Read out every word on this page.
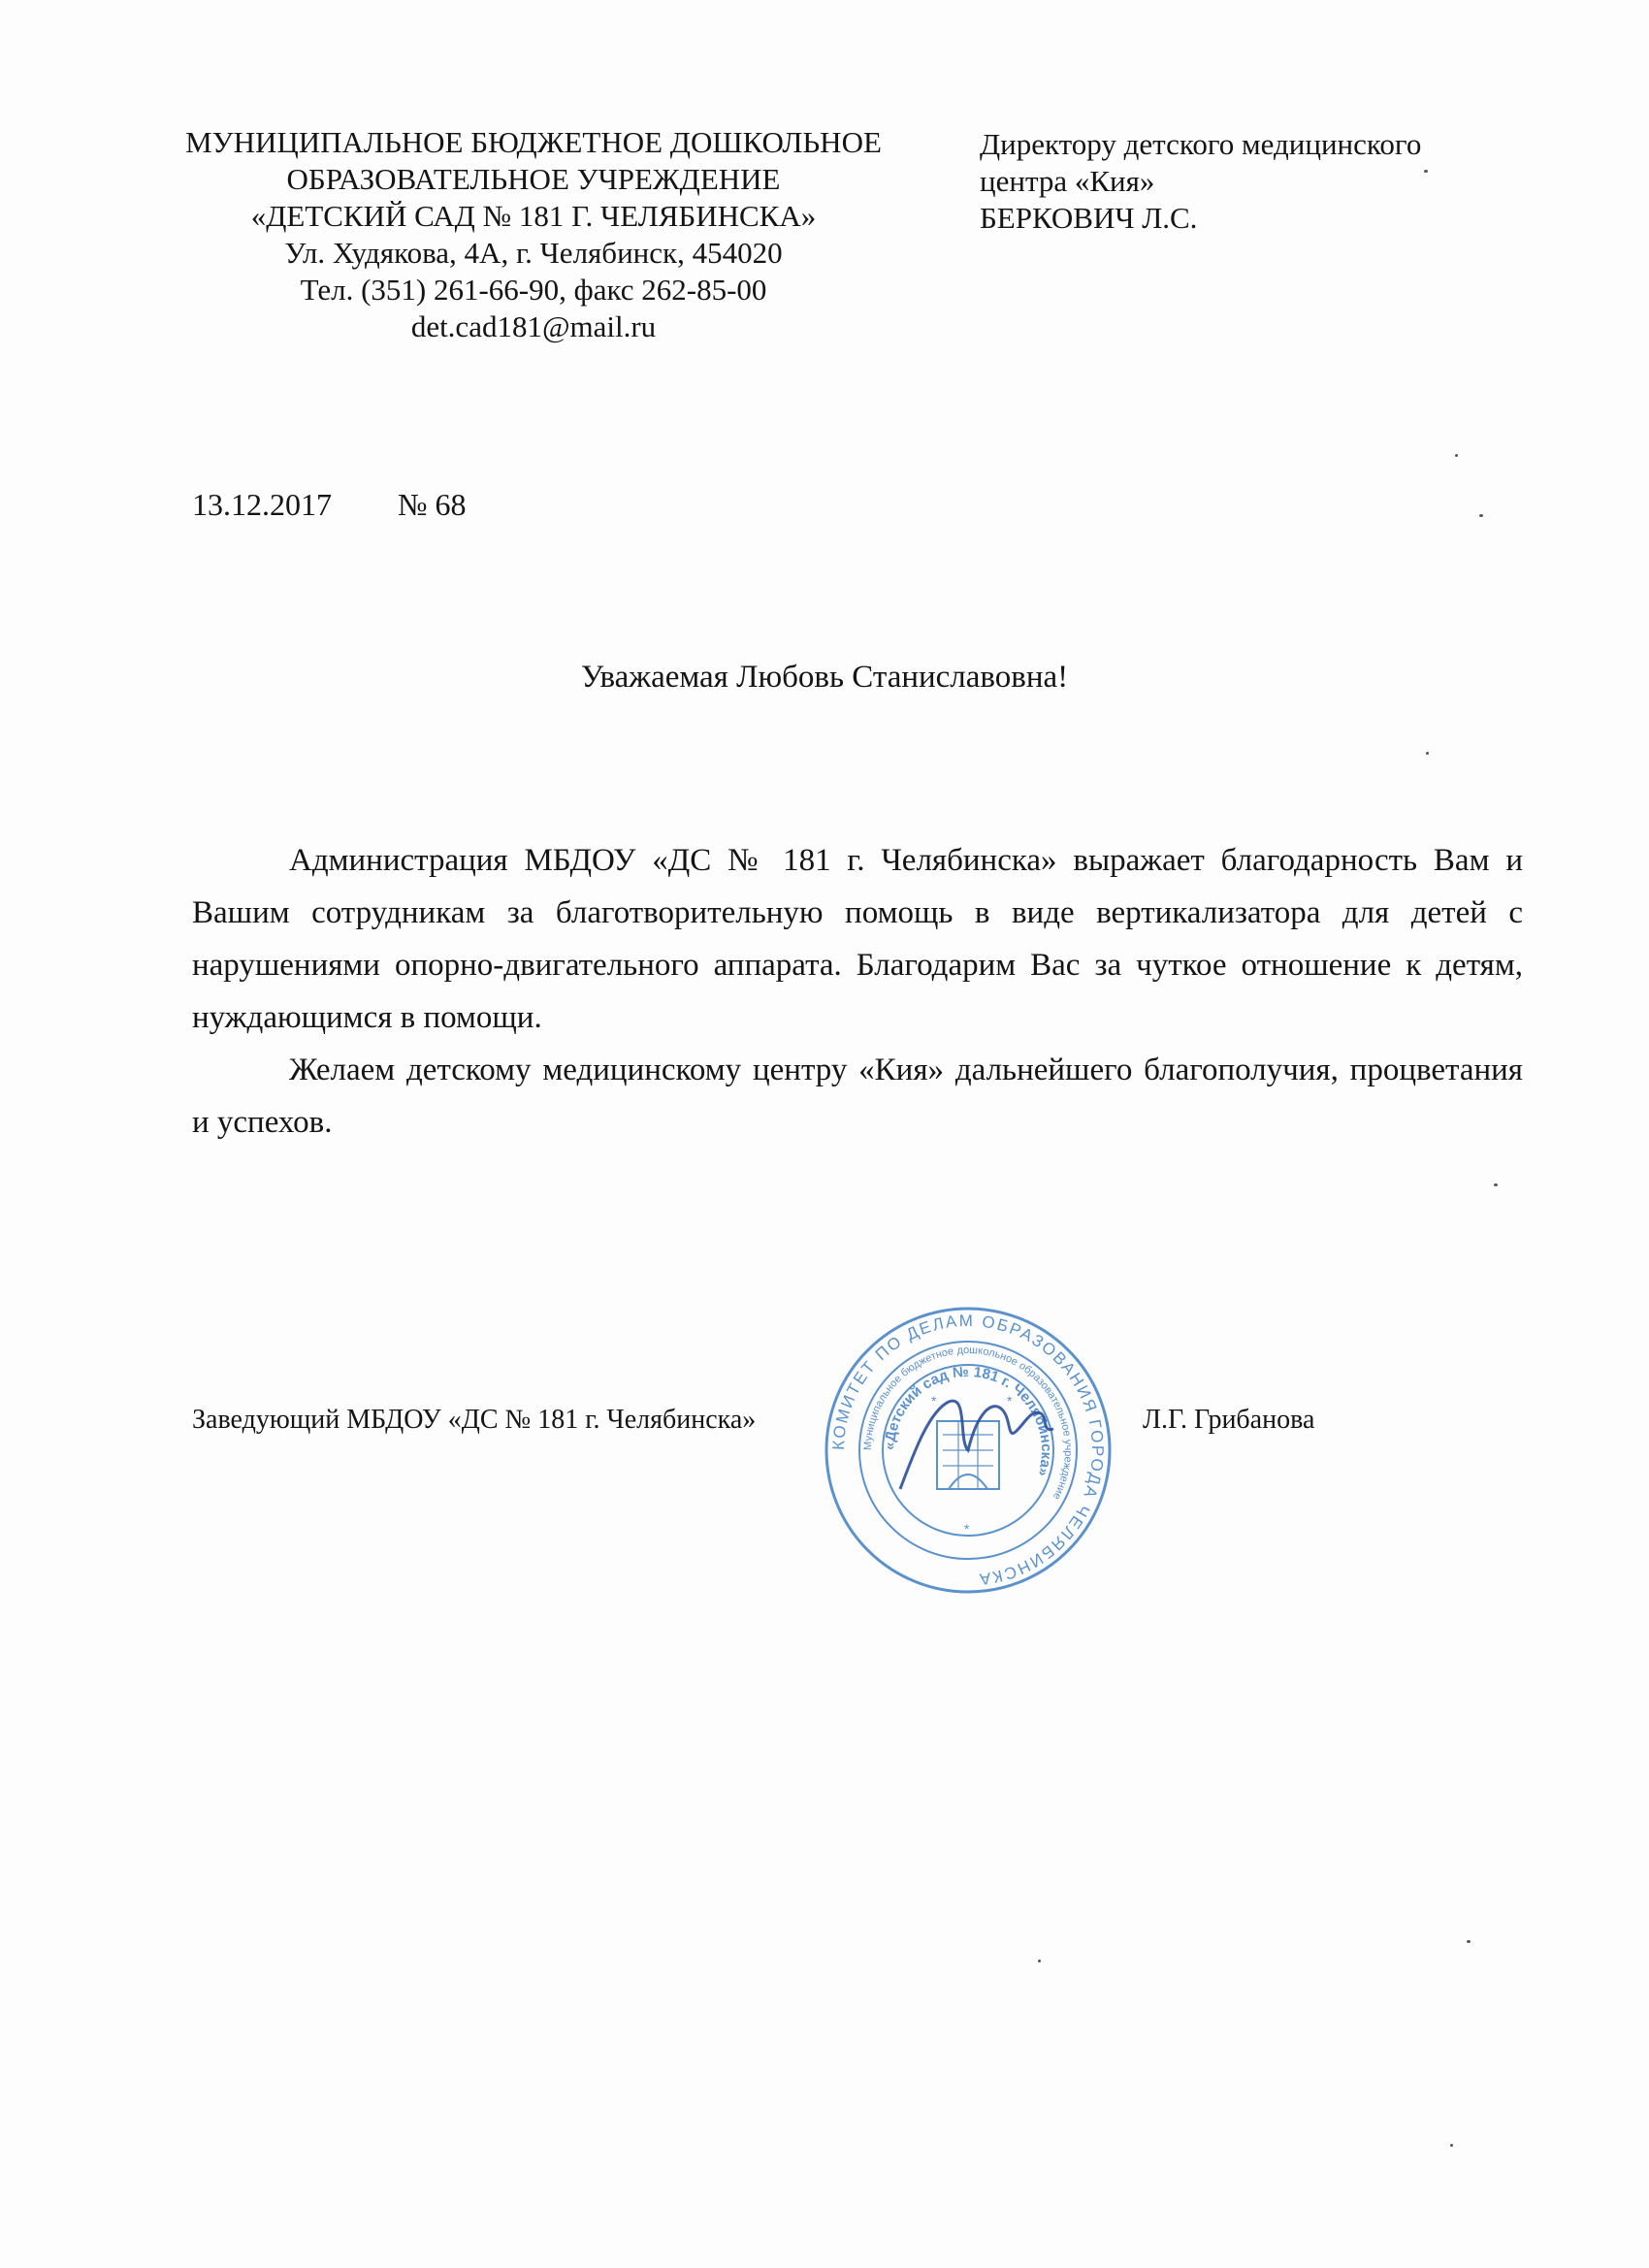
МУНИЦИПАЛЬНОЕ БЮДЖЕТНОЕ ДОШКОЛЬНОЕ
ОБРАЗОВАТЕЛЬНОЕ УЧРЕЖДЕНИЕ
«ДЕТСКИЙ САД № 181 Г. ЧЕЛЯБИНСКА»
Ул. Худякова, 4А, г. Челябинск, 454020
Тел. (351) 261-66-90, факс 262-85-00
det.cad181@mail.ru
Директору детского медицинского
центра «Кия»
БЕРКОВИЧ Л.С.
13.12.2017 № 68
Уважаемая Любовь Станиславовна!

Администрация МБДОУ «ДС № 181 г. Челябинска» выражает благодарность Вам и Вашим сотрудникам за благотворительную помощь в виде вертикализатора для детей с нарушениями опорно-двигательного аппарата. Благодарим Вас за чуткое отношение к детям, нуждающимся в помощи.

Желаем детскому медицинскому центру «Кия» дальнейшего благополучия, процветания и успехов.

КОМИТЕТ ПО ДЕЛАМ ОБРАЗОВАНИЯ ГОРОДА ЧЕЛЯБИНСКА
Муниципальное бюджетное дошкольное образовательное учреждение
«Детский сад № 181 г. Челябинска»
*	*
*
Заведующий МБДОУ «ДС № 181 г. Челябинска»	Л.Г. Грибанова
